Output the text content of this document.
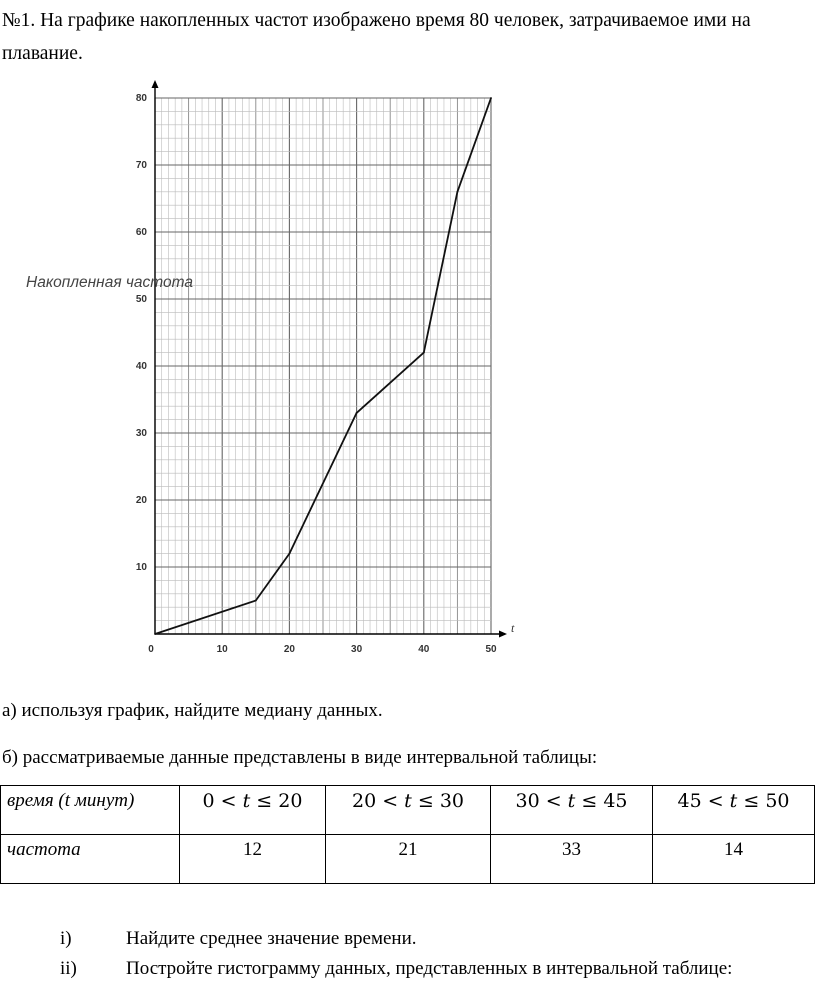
№1. На графике накопленных частот изображено время 80 человек, затрачиваемое ими на
плавание.

0	10	20	30	40	50
10
20
30
40
50
60
70
80
t
Накопленная частота

а) используя график, найдите медиану данных.

б) рассматриваемые данные представлены в виде интервальной таблицы:

время (t минут)	0 < t ≤ 20	20 < t ≤ 30	30 < t ≤ 45	45 < t ≤ 50
частота	12	21	33	14

i)	Найдите среднее значение времени.

ii)	Постройте гистограмму данных, представленных в интервальной таблице:
